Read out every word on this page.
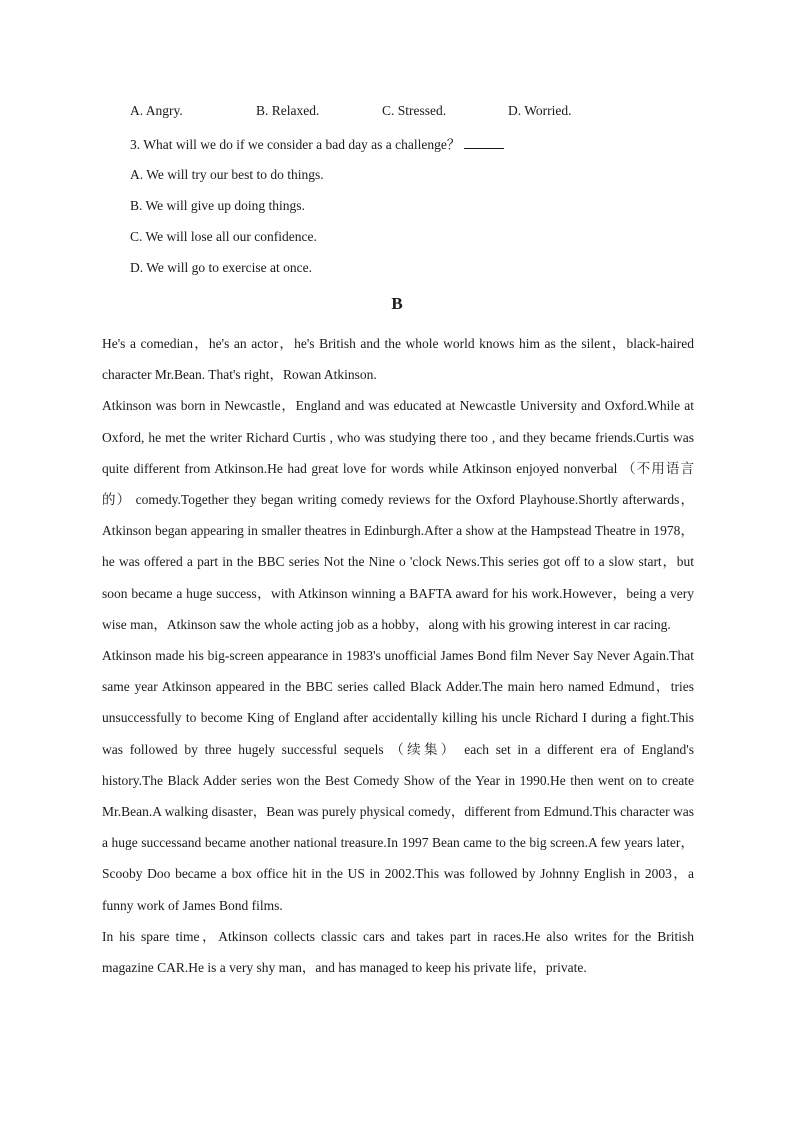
A. Angry.	B. Relaxed.	C. Stressed.	D. Worried.
3. What will we do if we consider a bad day as a challenge？
A. We will try our best to do things.
B. We will give up doing things.
C. We will lose all our confidence.
D. We will go to exercise at once.
B

He's a comedian，he's an actor，he's British and the whole world knows him as the silent，black-haired character Mr.Bean. That's right，Rowan Atkinson.

Atkinson was born in Newcastle，England and was educated at Newcastle University and Oxford.While at Oxford, he met the writer Richard Curtis , who was studying there too , and they became friends.Curtis was quite different from Atkinson.He had great love for words while Atkinson enjoyed nonverbal （不用语言的） comedy.Together they began writing comedy reviews for the Oxford Playhouse.Shortly afterwards，Atkinson began appearing in smaller theatres in Edinburgh.After a show at the Hampstead Theatre in 1978，he was offered a part in the BBC series Not the Nine o 'clock News.This series got off to a slow start，but soon became a huge success，with Atkinson winning a BAFTA award for his work.However，being a very wise man，Atkinson saw the whole acting job as a hobby，along with his growing interest in car racing.

Atkinson made his big-screen appearance in 1983's unofficial James Bond film Never Say Never Again.That same year Atkinson appeared in the BBC series called Black Adder.The main hero named Edmund，tries unsuccessfully to become King of England after accidentally killing his uncle Richard I during a fight.This was followed by three hugely successful sequels （续集） each set in a different era of England's history.The Black Adder series won the Best Comedy Show of the Year in 1990.He then went on to create Mr.Bean.A walking disaster，Bean was purely physical comedy，different from Edmund.This character was a huge successand became another national treasure.In 1997 Bean came to the big screen.A few years later，Scooby Doo became a box office hit in the US in 2002.This was followed by Johnny English in 2003，a funny work of James Bond films.

In his spare time，Atkinson collects classic cars and takes part in races.He also writes for the British magazine CAR.He is a very shy man，and has managed to keep his private life，private.
